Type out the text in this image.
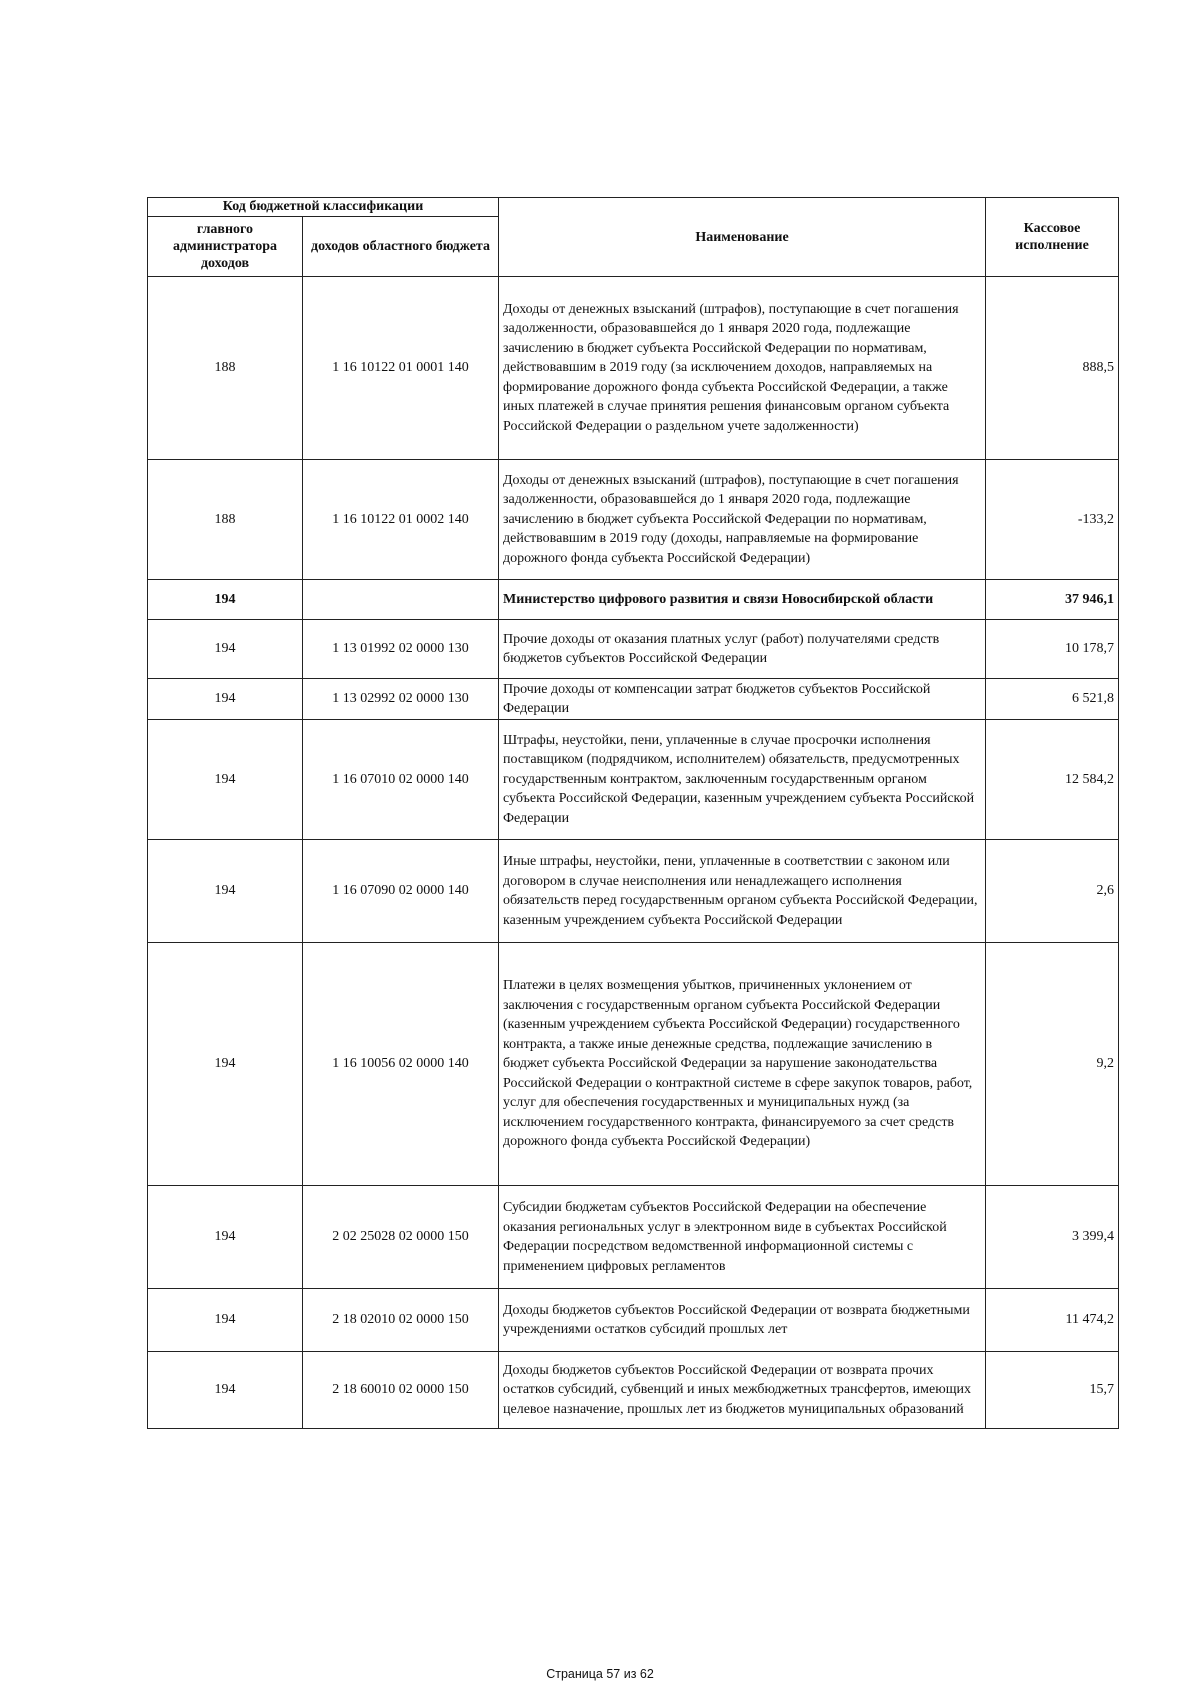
Код бюджетной классификации		Наименование	Кассовое исполнение
главного администратора доходов	доходов областного бюджета		
188	1 16 10122 01 0001 140	Доходы от денежных взысканий (штрафов), поступающие в счет погашения задолженности, образовавшейся до 1 января 2020 года, подлежащие зачислению в бюджет субъекта Российской Федерации по нормативам, действовавшим в 2019 году (за исключением доходов, направляемых на формирование дорожного фонда субъекта Российской Федерации, а также иных платежей в случае принятия решения финансовым органом субъекта Российской Федерации о раздельном учете задолженности)	888,5
188	1 16 10122 01 0002 140	Доходы от денежных взысканий (штрафов), поступающие в счет погашения задолженности, образовавшейся до 1 января 2020 года, подлежащие зачислению в бюджет субъекта Российской Федерации по нормативам, действовавшим в 2019 году (доходы, направляемые на формирование дорожного фонда субъекта Российской Федерации)	-133,2
194		Министерство цифрового развития и связи Новосибирской области	37 946,1
194	1 13 01992 02 0000 130	Прочие доходы от оказания платных услуг (работ) получателями средств бюджетов субъектов Российской Федерации	10 178,7
194	1 13 02992 02 0000 130	Прочие доходы от компенсации затрат бюджетов субъектов Российской Федерации	6 521,8
194	1 16 07010 02 0000 140	Штрафы, неустойки, пени, уплаченные в случае просрочки исполнения поставщиком (подрядчиком, исполнителем) обязательств, предусмотренных государственным контрактом, заключенным государственным органом субъекта Российской Федерации, казенным учреждением субъекта Российской Федерации	12 584,2
194	1 16 07090 02 0000 140	Иные штрафы, неустойки, пени, уплаченные в соответствии с законом или договором в случае неисполнения или ненадлежащего исполнения обязательств перед государственным органом субъекта Российской Федерации, казенным учреждением субъекта Российской Федерации	2,6
194	1 16 10056 02 0000 140	Платежи в целях возмещения убытков, причиненных уклонением от заключения с государственным органом субъекта Российской Федерации (казенным учреждением субъекта Российской Федерации) государственного контракта, а также иные денежные средства, подлежащие зачислению в бюджет субъекта Российской Федерации за нарушение законодательства Российской Федерации о контрактной системе в сфере закупок товаров, работ, услуг для обеспечения государственных и муниципальных нужд (за исключением государственного контракта, финансируемого за счет средств дорожного фонда субъекта Российской Федерации)	9,2
194	2 02 25028 02 0000 150	Субсидии бюджетам субъектов Российской Федерации на обеспечение оказания региональных услуг в электронном виде в субъектах Российской Федерации посредством ведомственной информационной системы с применением цифровых регламентов	3 399,4
194	2 18 02010 02 0000 150	Доходы бюджетов субъектов Российской Федерации от возврата бюджетными учреждениями остатков субсидий прошлых лет	11 474,2
194	2 18 60010 02 0000 150	Доходы бюджетов субъектов Российской Федерации от возврата прочих остатков субсидий, субвенций и иных межбюджетных трансфертов, имеющих целевое назначение, прошлых лет из бюджетов муниципальных образований	15,7
Страница 57 из 62
